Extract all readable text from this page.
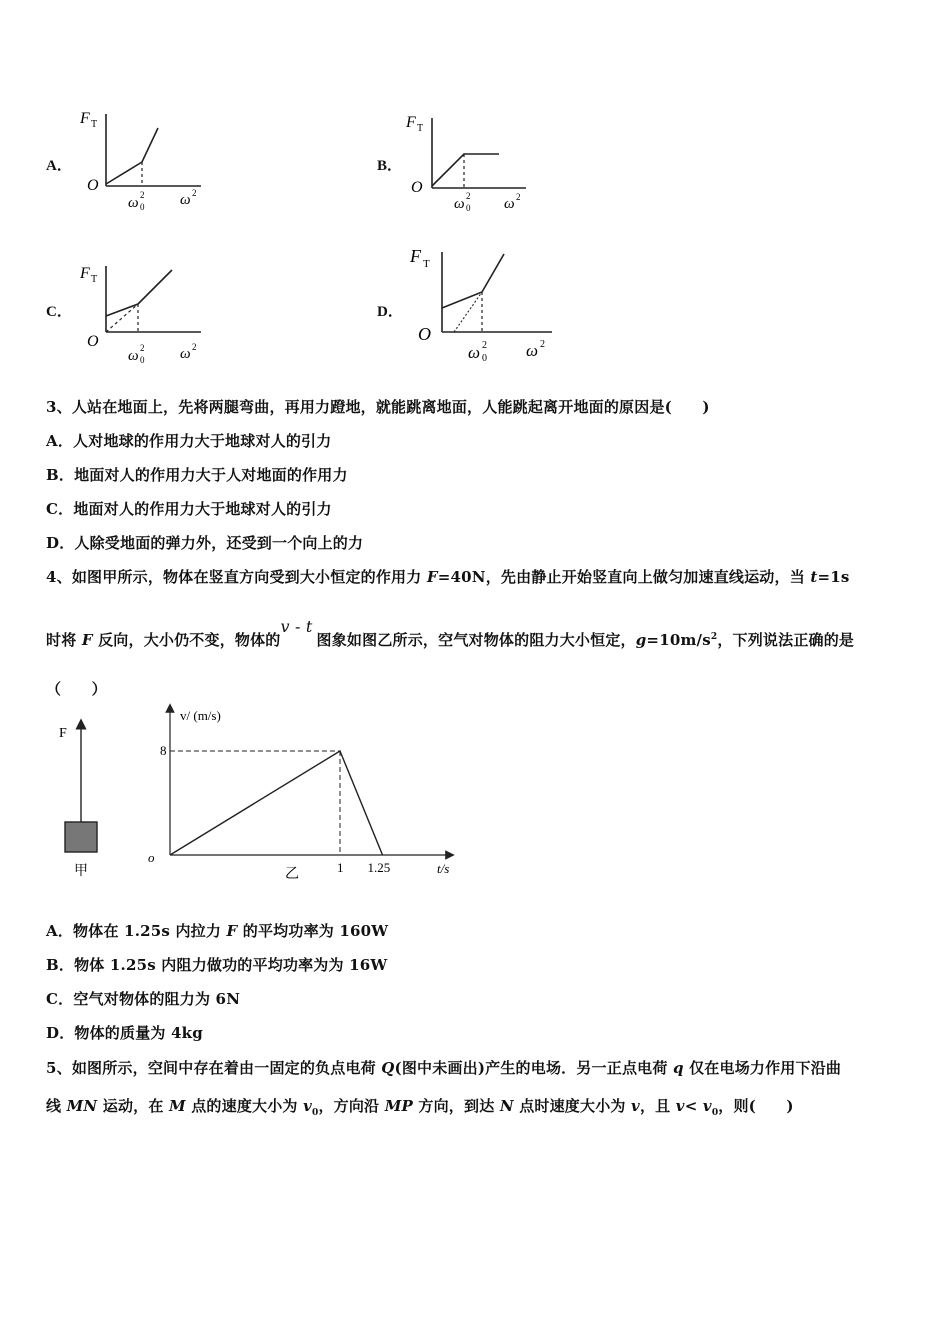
A．
F T
O
ω 2
0 ω 2
B．
F T
O
ω 2
0 ω 2
C．
F T
O
ω 2
0 ω 2
D．
F T
O
ω 2
0 ω 2
3、人站在地面上，先将两腿弯曲，再用力蹬地，就能跳离地面，人能跳起离开地面的原因是(　　)
A．人对地球的作用力大于地球对人的引力
B．地面对人的作用力大于人对地面的作用力
C．地面对人的作用力大于地球对人的引力
D．人除受地面的弹力外，还受到一个向上的力
4、如图甲所示，物体在竖直方向受到大小恒定的作用力 F=40N，先由静止开始竖直向上做匀加速直线运动，当 t=1s
时将 F 反向，大小仍不变，物体的v - t图象如图乙所示，空气对物体的阻力大小恒定，$g=10m/s^2$，下列说法正确的是
（　　）
F
甲
v/ (m/s)
t/s
o
8
1 1.25
乙
A．物体在 1.25s 内拉力 F 的平均功率为 160W
B．物体 1.25s 内阻力做功的平均功率为为 16W
C．空气对物体的阻力为 6N
D．物体的质量为 4kg
5、如图所示，空间中存在着由一固定的负点电荷 Q(图中未画出)产生的电场．另一正点电荷 q 仅在电场力作用下沿曲
线 MN 运动，在 M 点的速度大小为 $v_0$，方向沿 MP 方向，到达 N 点时速度大小为 v，且 $v< v_0$，则(　　)
